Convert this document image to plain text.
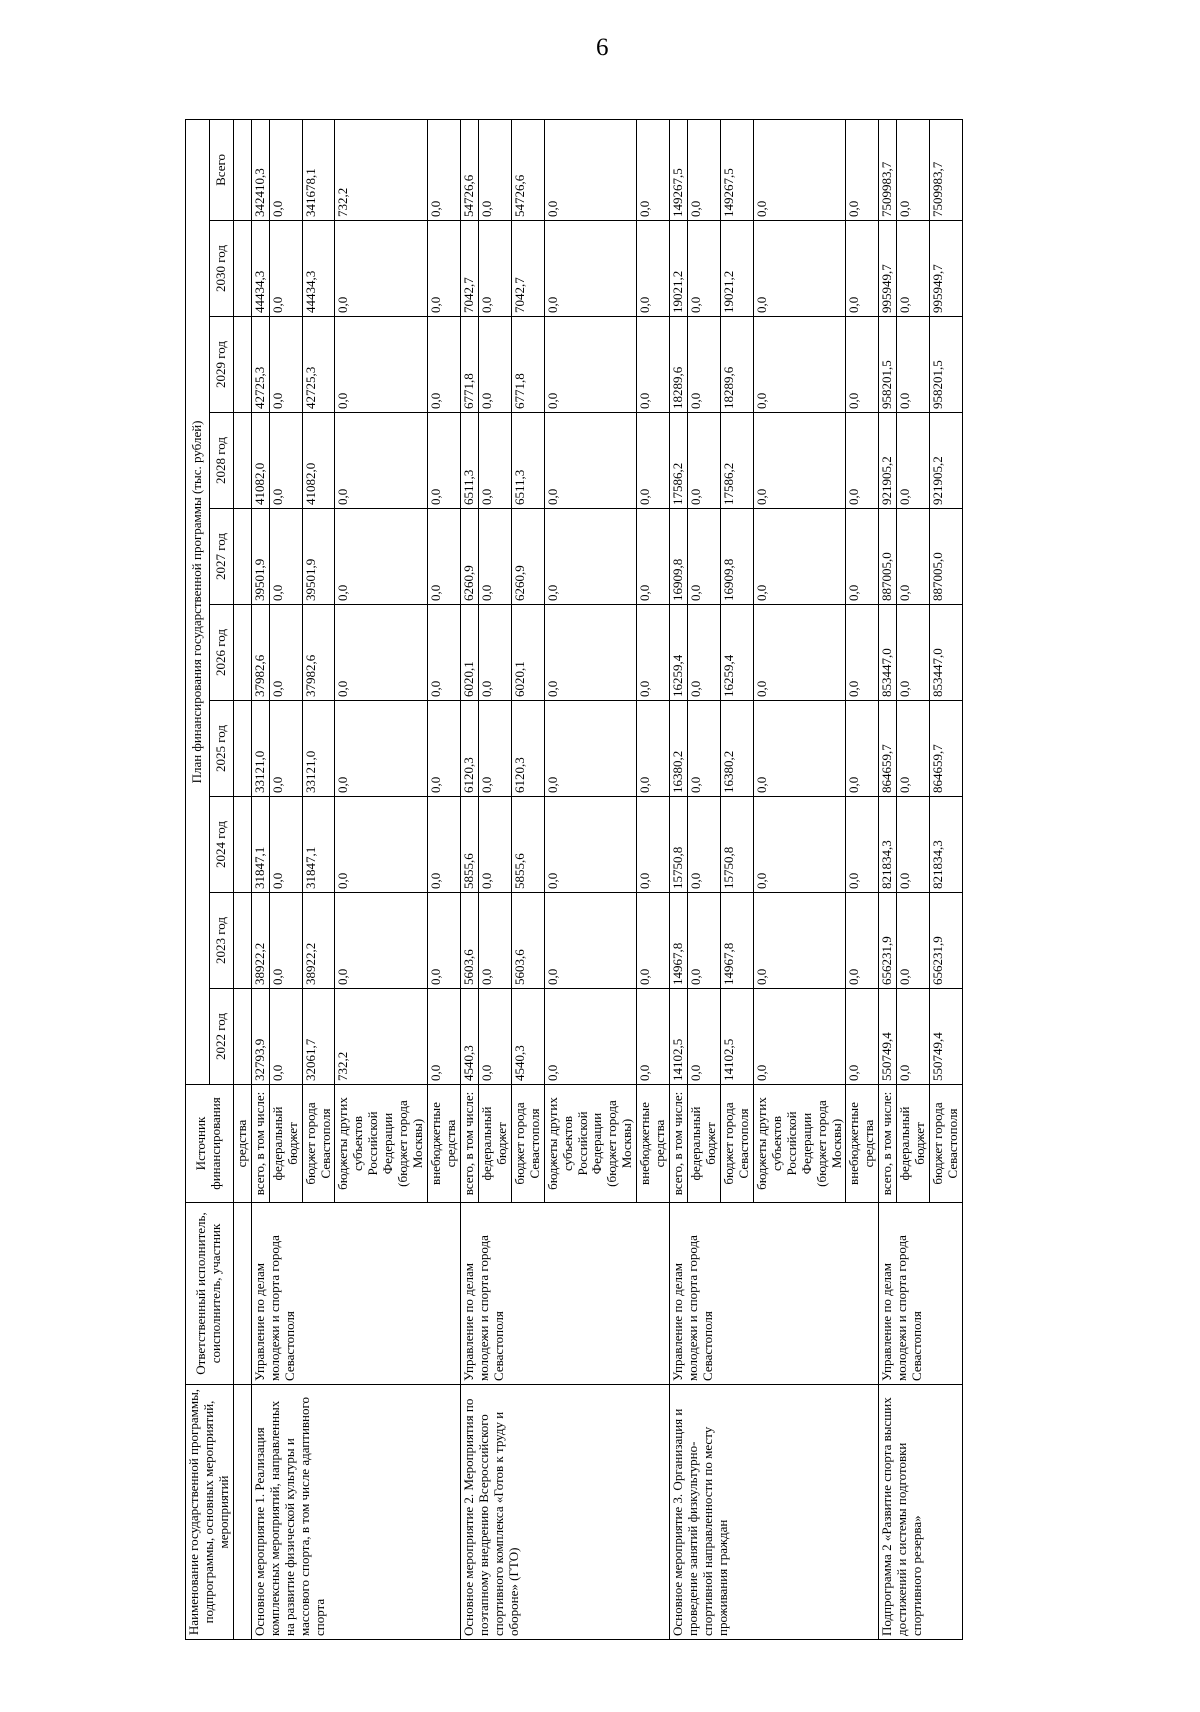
6
Наименование государственной программы, подпрограммы, основных мероприятий, мероприятий	Ответственный исполнитель, соисполнитель, участник	Источник финансирования	План финансирования государственной программы (тыс. рублей)									
			2022 год	2023 год	2024 год	2025 год	2026 год	2027 год	2028 год	2029 год	2030 год	Всего
		средства										
Основное мероприятие 1. Реализация комплексных мероприятий, направленных на развитие физической культуры и массового спорта, в том числе адаптивного спорта	Управление по делам молодежи и спорта города Севастополя	всего, в том числе:	32793,9	38922,2	31847,1	33121,0	37982,6	39501,9	41082,0	42725,3	44434,3	342410,3
		федеральный бюджет	0,0	0,0	0,0	0,0	0,0	0,0	0,0	0,0	0,0	0,0
		бюджет города Севастополя	32061,7	38922,2	31847,1	33121,0	37982,6	39501,9	41082,0	42725,3	44434,3	341678,1
		бюджеты других субъектов Российской Федерации (бюджет города Москвы)	732,2	0,0	0,0	0,0	0,0	0,0	0,0	0,0	0,0	732,2
		внебюджетные средства	0,0	0,0	0,0	0,0	0,0	0,0	0,0	0,0	0,0	0,0
Основное мероприятие 2. Мероприятия по поэтапному внедрению Всероссийского спортивного комплекса «Готов к труду и обороне» (ГТО)	Управление по делам молодежи и спорта города Севастополя	всего, в том числе:	4540,3	5603,6	5855,6	6120,3	6020,1	6260,9	6511,3	6771,8	7042,7	54726,6
		федеральный бюджет	0,0	0,0	0,0	0,0	0,0	0,0	0,0	0,0	0,0	0,0
		бюджет города Севастополя	4540,3	5603,6	5855,6	6120,3	6020,1	6260,9	6511,3	6771,8	7042,7	54726,6
		бюджеты других субъектов Российской Федерации (бюджет города Москвы)	0,0	0,0	0,0	0,0	0,0	0,0	0,0	0,0	0,0	0,0
		внебюджетные средства	0,0	0,0	0,0	0,0	0,0	0,0	0,0	0,0	0,0	0,0
Основное мероприятие 3. Организация и проведение занятий физкультурно-спортивной направленности по месту проживания граждан	Управление по делам молодежи и спорта города Севастополя	всего, в том числе:	14102,5	14967,8	15750,8	16380,2	16259,4	16909,8	17586,2	18289,6	19021,2	149267,5
		федеральный бюджет	0,0	0,0	0,0	0,0	0,0	0,0	0,0	0,0	0,0	0,0
		бюджет города Севастополя	14102,5	14967,8	15750,8	16380,2	16259,4	16909,8	17586,2	18289,6	19021,2	149267,5
		бюджеты других субъектов Российской Федерации (бюджет города Москвы)	0,0	0,0	0,0	0,0	0,0	0,0	0,0	0,0	0,0	0,0
		внебюджетные средства	0,0	0,0	0,0	0,0	0,0	0,0	0,0	0,0	0,0	0,0
Подпрограмма 2 «Развитие спорта высших достижений и системы подготовки спортивного резерва»	Управление по делам молодежи и спорта города Севастополя	всего, в том числе:	550749,4	656231,9	821834,3	864659,7	853447,0	887005,0	921905,2	958201,5	995949,7	7509983,7
		федеральный бюджет	0,0	0,0	0,0	0,0	0,0	0,0	0,0	0,0	0,0	0,0
		бюджет города Севастополя	550749,4	656231,9	821834,3	864659,7	853447,0	887005,0	921905,2	958201,5	995949,7	7509983,7
